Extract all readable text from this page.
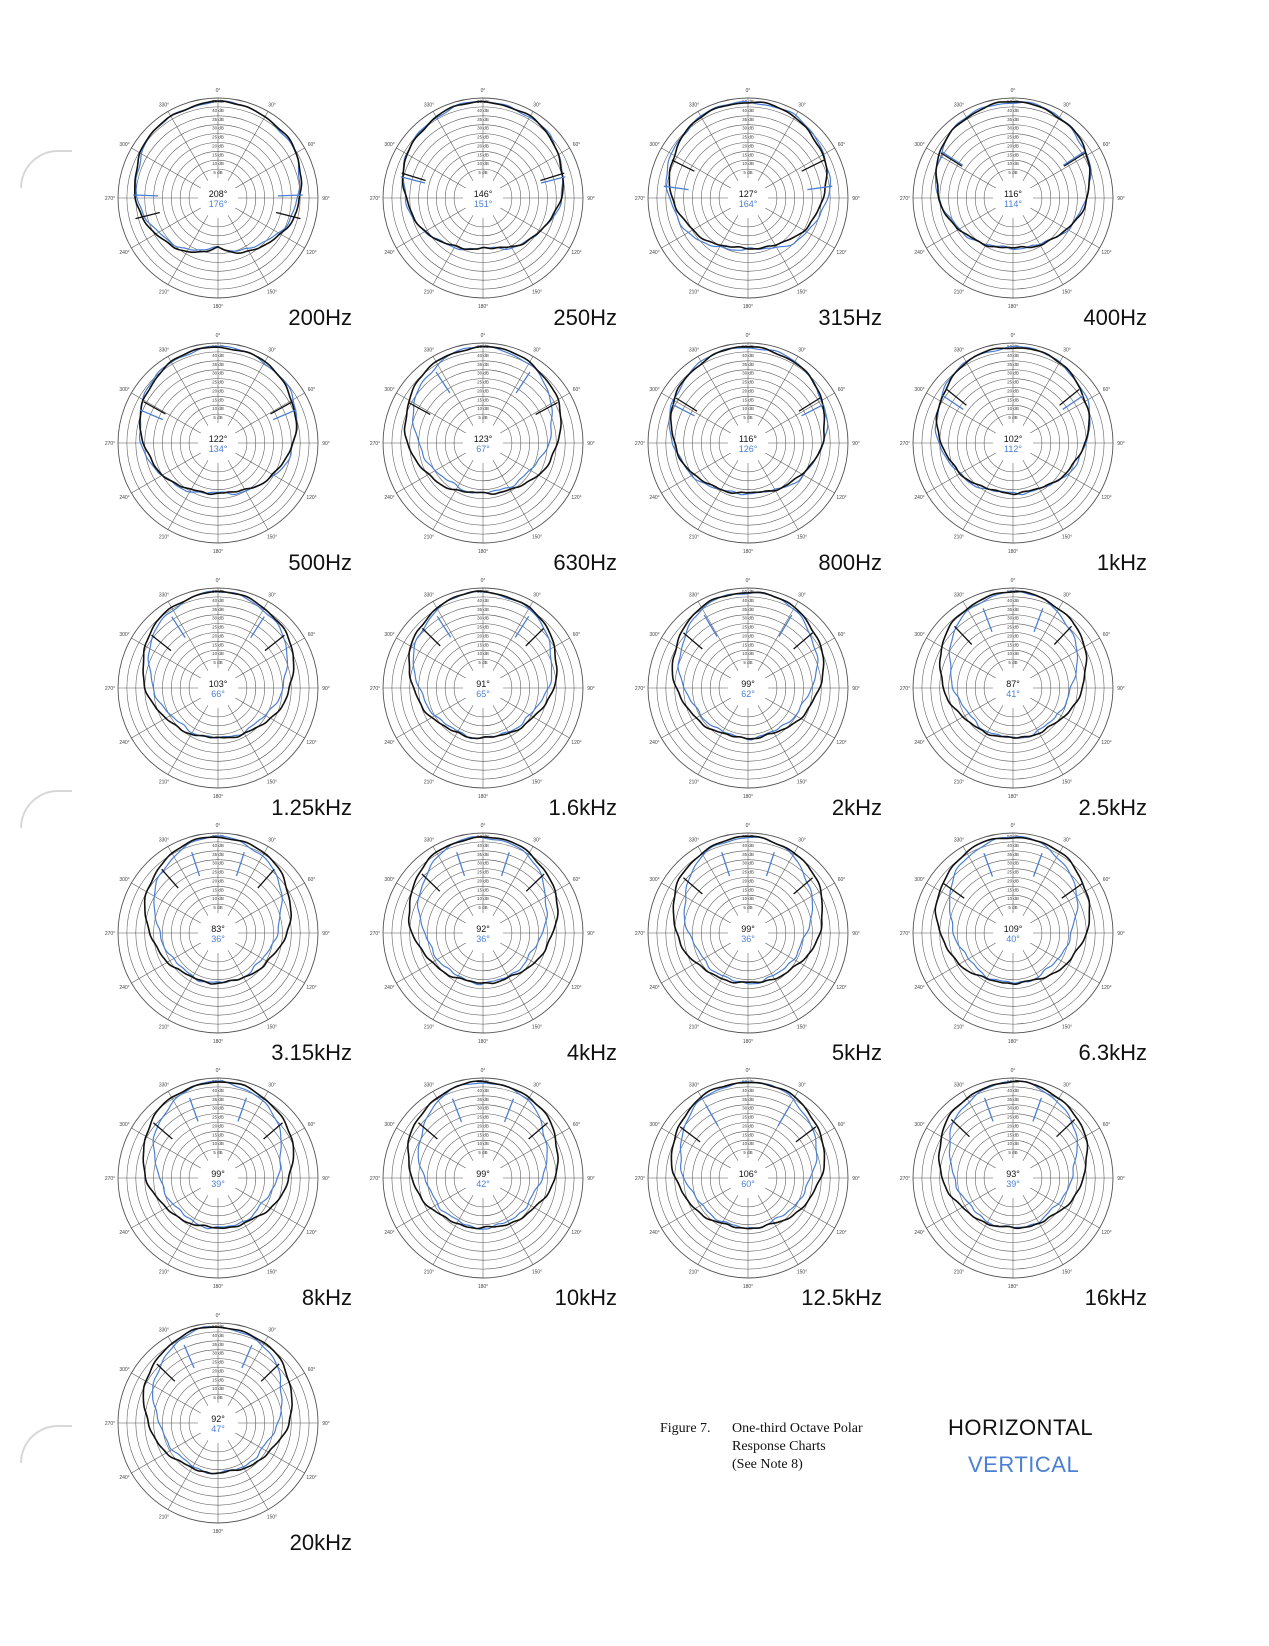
0°
30°
60°
90°
120°
150°
180°
210°
240°
270°
300°
330°
50 dB
40 dB
35 dB
30 dB
25 dB
20 dB
15 dB
10 dB
5 dB
208°
176°
200Hz
0°
30°
60°
90°
120°
150°
180°
210°
240°
270°
300°
330°
50 dB
40 dB
35 dB
30 dB
25 dB
20 dB
15 dB
10 dB
5 dB
146°
151°
250Hz
0°
30°
60°
90°
120°
150°
180°
210°
240°
270°
300°
330°
50 dB
40 dB
35 dB
30 dB
25 dB
20 dB
15 dB
10 dB
5 dB
127°
164°
315Hz
0°
30°
60°
90°
120°
150°
180°
210°
240°
270°
300°
330°
50 dB
40 dB
35 dB
30 dB
25 dB
20 dB
15 dB
10 dB
5 dB
116°
114°
400Hz
0°
30°
60°
90°
120°
150°
180°
210°
240°
270°
300°
330°
50 dB
40 dB
35 dB
30 dB
25 dB
20 dB
15 dB
10 dB
5 dB
122°
134°
500Hz
0°
30°
60°
90°
120°
150°
180°
210°
240°
270°
300°
330°
50 dB
40 dB
35 dB
30 dB
25 dB
20 dB
15 dB
10 dB
5 dB
123°
67°
630Hz
0°
30°
60°
90°
120°
150°
180°
210°
240°
270°
300°
330°
50 dB
40 dB
35 dB
30 dB
25 dB
20 dB
15 dB
10 dB
5 dB
116°
126°
800Hz
0°
30°
60°
90°
120°
150°
180°
210°
240°
270°
300°
330°
50 dB
40 dB
35 dB
30 dB
25 dB
20 dB
15 dB
10 dB
5 dB
102°
112°
1kHz
0°
30°
60°
90°
120°
150°
180°
210°
240°
270°
300°
330°
50 dB
40 dB
35 dB
30 dB
25 dB
20 dB
15 dB
10 dB
5 dB
103°
66°
1.25kHz
0°
30°
60°
90°
120°
150°
180°
210°
240°
270°
300°
330°
50 dB
40 dB
35 dB
30 dB
25 dB
20 dB
15 dB
10 dB
5 dB
91°
65°
1.6kHz
0°
30°
60°
90°
120°
150°
180°
210°
240°
270°
300°
330°
50 dB
40 dB
35 dB
30 dB
25 dB
20 dB
15 dB
10 dB
5 dB
99°
62°
2kHz
0°
30°
60°
90°
120°
150°
180°
210°
240°
270°
300°
330°
50 dB
40 dB
35 dB
30 dB
25 dB
20 dB
15 dB
10 dB
5 dB
87°
41°
2.5kHz
0°
30°
60°
90°
120°
150°
180°
210°
240°
270°
300°
330°
50 dB
40 dB
35 dB
30 dB
25 dB
20 dB
15 dB
10 dB
5 dB
83°
36°
3.15kHz
0°
30°
60°
90°
120°
150°
180°
210°
240°
270°
300°
330°
50 dB
40 dB
35 dB
30 dB
25 dB
20 dB
15 dB
10 dB
5 dB
92°
36°
4kHz
0°
30°
60°
90°
120°
150°
180°
210°
240°
270°
300°
330°
50 dB
40 dB
35 dB
30 dB
25 dB
20 dB
15 dB
10 dB
5 dB
99°
36°
5kHz
0°
30°
60°
90°
120°
150°
180°
210°
240°
270°
300°
330°
50 dB
40 dB
35 dB
30 dB
25 dB
20 dB
15 dB
10 dB
5 dB
109°
40°
6.3kHz
0°
30°
60°
90°
120°
150°
180°
210°
240°
270°
300°
330°
50 dB
40 dB
35 dB
30 dB
25 dB
20 dB
15 dB
10 dB
5 dB
99°
39°
8kHz
0°
30°
60°
90°
120°
150°
180°
210°
240°
270°
300°
330°
50 dB
40 dB
35 dB
30 dB
25 dB
20 dB
15 dB
10 dB
5 dB
99°
42°
10kHz
0°
30°
60°
90°
120°
150°
180°
210°
240°
270°
300°
330°
50 dB
40 dB
35 dB
30 dB
25 dB
20 dB
15 dB
10 dB
5 dB
106°
60°
12.5kHz
0°
30°
60°
90°
120°
150°
180°
210°
240°
270°
300°
330°
50 dB
40 dB
35 dB
30 dB
25 dB
20 dB
15 dB
10 dB
5 dB
93°
39°
16kHz
0°
30°
60°
90°
120°
150°
180°
210°
240°
270°
300°
330°
50 dB
40 dB
35 dB
30 dB
25 dB
20 dB
15 dB
10 dB
5 dB
92°
47°
20kHz
Figure 7. One-third Octave Polar
Response Charts
(See Note 8)
HORIZONTAL
VERTICAL
